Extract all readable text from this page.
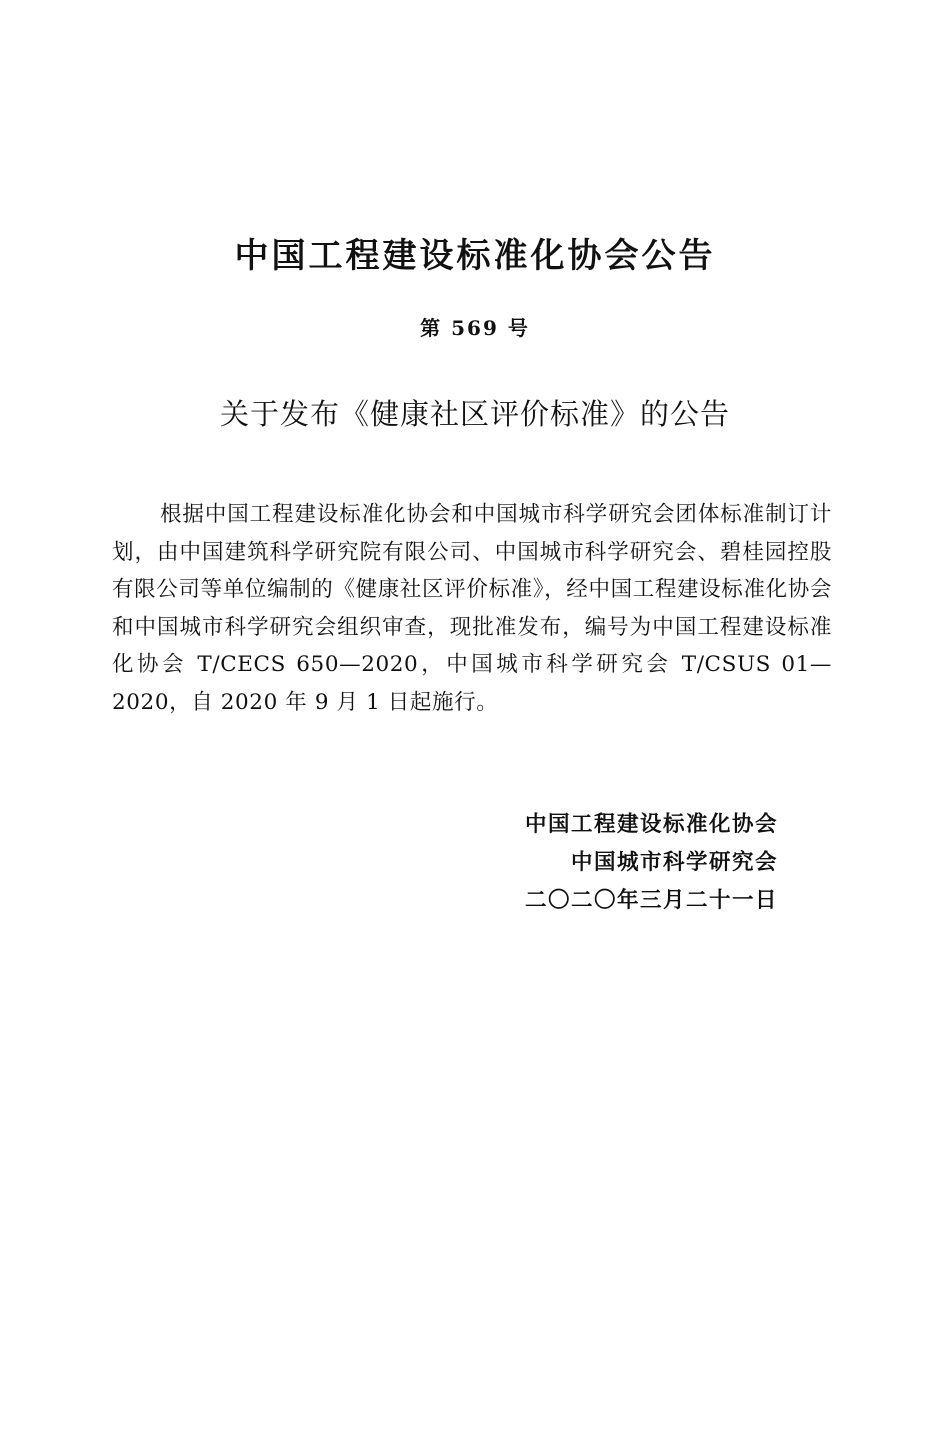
中国工程建设标准化协会公告
第 569 号
关于发布《健康社区评价标准》的公告
根据中国工程建设标准化协会和中国城市科学研究会团体标准制订计划，由中国建筑科学研究院有限公司、中国城市科学研究会、碧桂园控股有限公司等单位编制的《健康社区评价标准》，经中国工程建设标准化协会和中国城市科学研究会组织审查，现批准发布，编号为中国工程建设标准化协会 T/CECS 650—2020，中国城市科学研究会 T/CSUS 01—2020，自 2020 年 9 月 1 日起施行。
中国工程建设标准化协会
中国城市科学研究会
二〇二〇年三月二十一日
